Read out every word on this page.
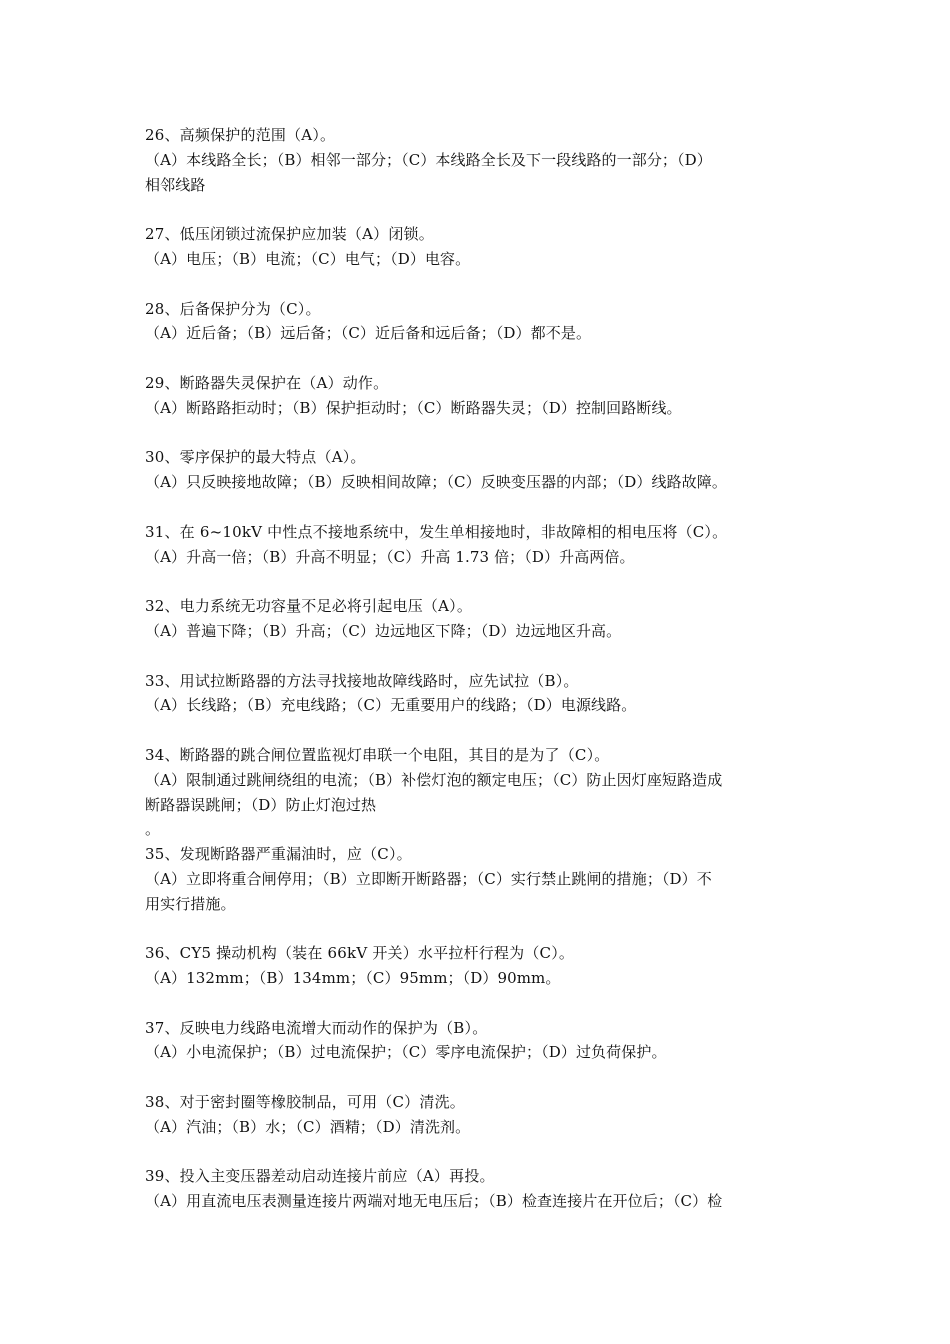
26、高频保护的范围（A）。
（A）本线路全长；（B）相邻一部分；（C）本线路全长及下一段线路的一部分；（D）
相邻线路
27、低压闭锁过流保护应加装（A）闭锁。
（A）电压；（B）电流；（C）电气；（D）电容。
28、后备保护分为（C）。
（A）近后备；（B）远后备；（C）近后备和远后备；（D）都不是。
29、断路器失灵保护在（A）动作。
（A）断路路拒动时；（B）保护拒动时；（C）断路器失灵；（D）控制回路断线。
30、零序保护的最大特点（A）。
（A）只反映接地故障；（B）反映相间故障；（C）反映变压器的内部；（D）线路故障。
31、在 6~10kV 中性点不接地系统中，发生单相接地时，非故障相的相电压将（C）。
（A）升高一倍；（B）升高不明显；（C）升高 1.73 倍；（D）升高两倍。
32、电力系统无功容量不足必将引起电压（A）。
（A）普遍下降；（B）升高；（C）边远地区下降；（D）边远地区升高。
33、用试拉断路器的方法寻找接地故障线路时，应先试拉（B）。
（A）长线路；（B）充电线路；（C）无重要用户的线路；（D）电源线路。
34、断路器的跳合闸位置监视灯串联一个电阻，其目的是为了（C）。
（A）限制通过跳闸绕组的电流；（B）补偿灯泡的额定电压；（C）防止因灯座短路造成
断路器误跳闸；（D）防止灯泡过热
。
35、发现断路器严重漏油时，应（C）。
（A）立即将重合闸停用；（B）立即断开断路器；（C）实行禁止跳闸的措施；（D）不
用实行措施。
36、CY5 操动机构（装在 66kV 开关）水平拉杆行程为（C）。
（A）132mm；（B）134mm；（C）95mm；（D）90mm。
37、反映电力线路电流增大而动作的保护为（B）。
（A）小电流保护；（B）过电流保护；（C）零序电流保护；（D）过负荷保护。
38、对于密封圈等橡胶制品，可用（C）清洗。
（A）汽油；（B）水；（C）酒精；（D）清洗剂。
39、投入主变压器差动启动连接片前应（A）再投。
（A）用直流电压表测量连接片两端对地无电压后；（B）检查连接片在开位后；（C）检
